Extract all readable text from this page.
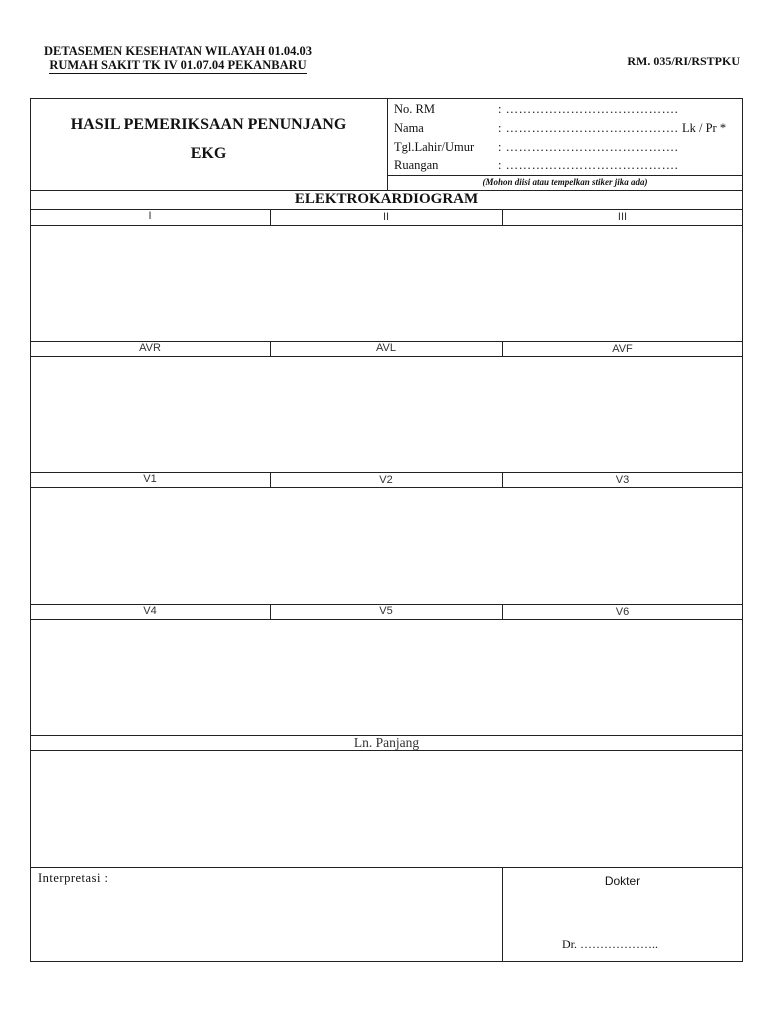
DETASEMEN KESEHATAN WILAYAH 01.04.03
RUMAH SAKIT TK IV 01.07.04 PEKANBARU	RM. 035/RI/RSTPKU
HASIL PEMERIKSAAN PENUNJANG
EKG
No. RM	: ………………………………….
Nama	: …………………………………. Lk / Pr *
Tgl.Lahir/Umur : ………………………………….
Ruangan	: ………………………………….
(Mohon diisi atau tempelkan stiker jika ada)
ELEKTROKARDIOGRAM
I	II	III
AVR	AVL	AVF
V1	V2	V3
V4	V5	V6
Ln. Panjang
Interpretasi :	Dokter
Dr. ………………..
